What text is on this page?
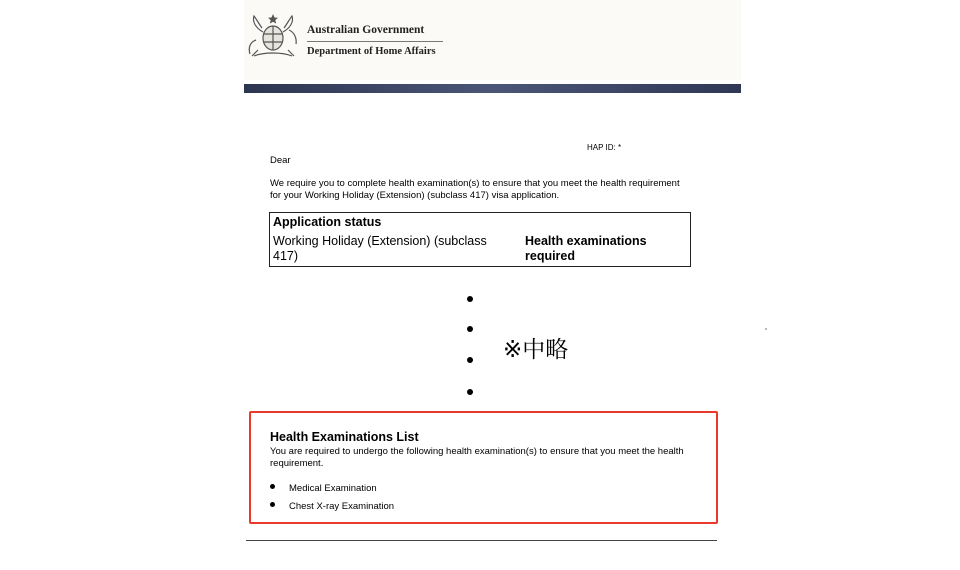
Australian Government
Department of Home Affairs
HAP ID: *
Dear
We require you to complete health examination(s) to ensure that you meet the health requirement for your Working Holiday (Extension) (subclass 417) visa application.
Application status
Working Holiday (Extension) (subclass 417)
Health examinations required
※中略
Health Examinations List
You are required to undergo the following health examination(s) to ensure that you meet the health requirement.
Medical Examination
Chest X-ray Examination
